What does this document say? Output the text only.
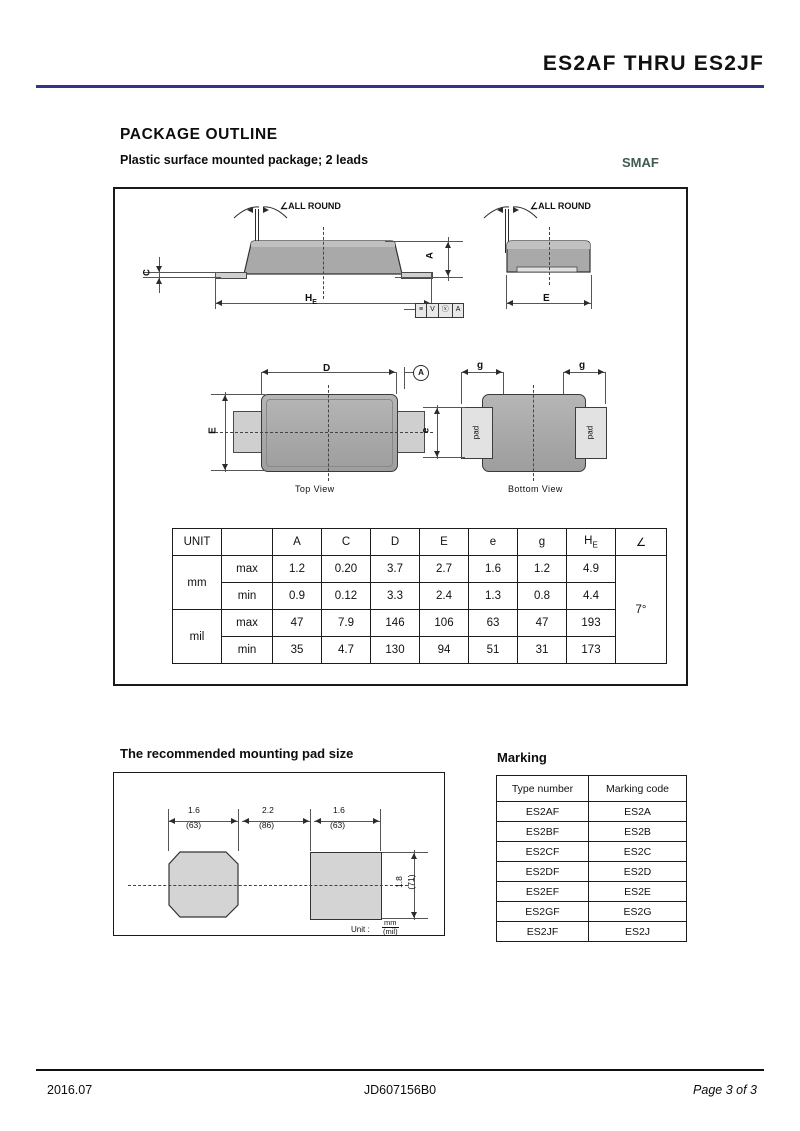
ES2AF THRU ES2JF
PACKAGE OUTLINE
Plastic surface mounted package; 2 leads	SMAF
∠ALL ROUND
C
A
$H_E$
≡	V	ⓧ	A
∠ALL ROUND
E
D	A
E
Top View
g	g
pad	pad
e
Bottom View
UNIT		A	C	D	E	e	g	$H_E$	∠
mm	max	1.2	0.20	3.7	2.7	1.6	1.2	4.9	7°
	min	0.9	0.12	3.3	2.4	1.3	0.8	4.4	
mil	max	47	7.9	146	106	63	47	193	
	min	35	4.7	130	94	51	31	173	
The recommended mounting pad size
1.6
(63)
2.2
(86)
1.6
(63)
1.8 (71)
Unit :
mm
(mil)
Marking
Type number	Marking code
ES2AF	ES2A
ES2BF	ES2B
ES2CF	ES2C
ES2DF	ES2D
ES2EF	ES2E
ES2GF	ES2G
ES2JF	ES2J
2016.07	JD607156B0	Page 3 of 3
